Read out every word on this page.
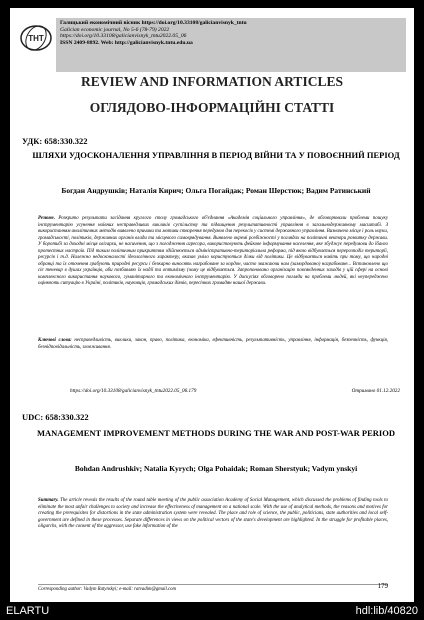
ТНТ
Галицький економічний вісник https://doi.org/10.33108/galicianvisnyk_tntu
Galician economic journal, No 5-6 (78-79) 2022
https://doi.org/10.33108/galicianvisnyk_tntu2022.05_06
ISSN 2409-8892. Web: http://galicianvisnyk.tntu.edu.ua
REVIEW AND INFORMATION ARTICLES
ОГЛЯДОВО-ІНФОРМАЦІЙНІ СТАТТІ
УДК: 658:330.322
ШЛЯХИ УДОСКОНАЛЕННЯ УПРАВЛІННЯ В ПЕРІОД ВІЙНИ ТА У ПОВОЄННИЙ ПЕРІОД
Богдан Андрушків; Наталія Кирич; Ольга Погайдак; Роман Шерстюк; Вадим Ратинський
Резюме. Розкрито результати засідання круглого столу громадського об'єднання «Академія соціального управління», де обговорювали проблеми пошуку інструментарію усунення наївних несправедливих викликів суспільству та підвищення результативності управління в загальнодержавному масштабі. З використанням аналітичних методів виявлено причини та мотиви створення передумов для перекосів у системі державного управління. Визначено місце і роль науки, громадськості, політиків, державних органів влади та місцевого самоврядування. Виявлено окремі розбіжності у поглядах на політичні вектори розвитку держави. У боротьбі за доходні місця олігархи, не насичення, що з погодження агресора, використовують фейкове інформування населення, яке збуджує передумови до їбанго протестних настроїв. Під таким політичним прикриттям здійснюється адміністративно-територіальна реформа, під якою відбувається перерозподіл території, ресурсів і т.д. Належно недосконалості ідеологічного характеру, вказав уміло користуються ділки від політики. Це відбувається навіть при тому, що народні обранці та їх оточення грабують природні ресурси і безкарно виносять награбоване за кордон, часто зважаючи нам (замордовано) награбоване... Встановлено що сіє теневир в душах українців, аби позбавляю їх надії та оптимізму (чому це відбувається. Запропоновано організацію повсякденних заходів у цій сфері на основі комплексного використання наукового, гуманітарного та економічного інструментарію. У дискусіях обговорено погляди на проблеми людей, які неупереджено оцінюють ситуацію в Україні, політиків, науковців, громадських діячів, пересічних громадян нашої держави.
Ключові слова: несправедливість, виклики, закон, право, політика, економіка, ефективність, результативність, управління, інформація, безпечність, функція, безнідповідальність, зловживання.
https://doi.org/10.33108/galicianvisnyk_tntu2022.05_06.179	Отримано 01.12.2022
UDC: 658:330.322
MANAGEMENT IMPROVEMENT METHODS DURING THE WAR AND POST-WAR PERIOD
Bohdan Andrushkiv; Natalia Kyrych; Olga Pohaidak; Roman Sherstyuk; Vadym ynskyi
Summary. The article reveals the results of the round table meeting of the public association Academy of Social Management, which discussed the problems of finding tools to eliminate the most unfair challenges to society and increase the effectiveness of management on a national scale. With the use of analytical methods, the reasons and motives for creating the prerequisites for distortions in the state administration system were revealed. The place and role of science, the public, politicians, state authorities and local self-government are defined in these processes. Separate differences in views on the political vectors of the state's development are highlighted. In the struggle for profitable places, oligarchs, with the consent of the aggressor, use fake information of the
Corresponding author: Vadym Ratynskyi; e-mail: ratvadim@gmail.com	179
ELARTU	hdl:lib/40820
